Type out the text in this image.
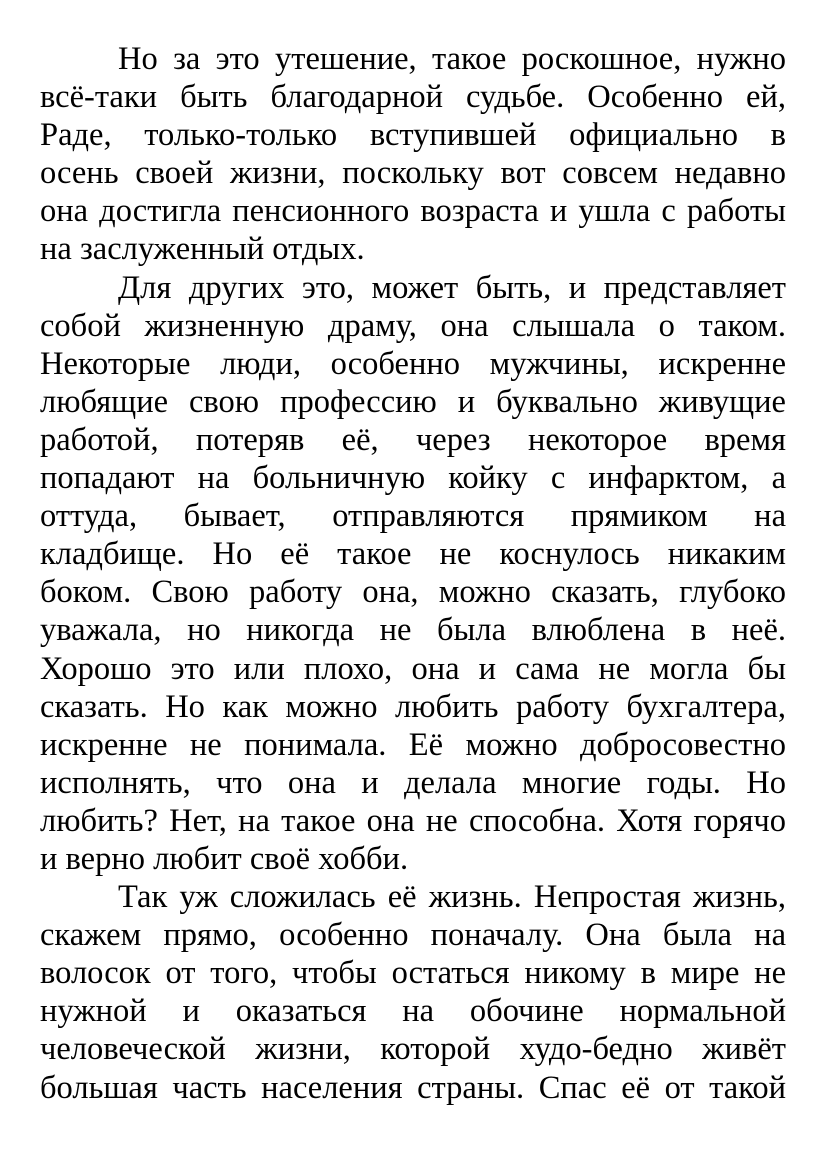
Но за это утешение, такое роскошное, нужно
всё-таки быть благодарной судьбе. Особенно ей,
Раде, только-только вступившей официально в
осень своей жизни, поскольку вот совсем недавно
она достигла пенсионного возраста и ушла с работы
на заслуженный отдых.
Для других это, может быть, и представляет
собой жизненную драму, она слышала о таком.
Некоторые люди, особенно мужчины, искренне
любящие свою профессию и буквально живущие
работой, потеряв её, через некоторое время
попадают на больничную койку с инфарктом, а
оттуда, бывает, отправляются прямиком на
кладбище. Но её такое не коснулось никаким
боком. Свою работу она, можно сказать, глубоко
уважала, но никогда не была влюблена в неё.
Хорошо это или плохо, она и сама не могла бы
сказать. Но как можно любить работу бухгалтера,
искренне не понимала. Её можно добросовестно
исполнять, что она и делала многие годы. Но
любить? Нет, на такое она не способна. Хотя горячо
и верно любит своё хобби.
Так уж сложилась её жизнь. Непростая жизнь,
скажем прямо, особенно поначалу. Она была на
волосок от того, чтобы остаться никому в мире не
нужной и оказаться на обочине нормальной
человеческой жизни, которой худо-бедно живёт
большая часть населения страны. Спас её от такой
